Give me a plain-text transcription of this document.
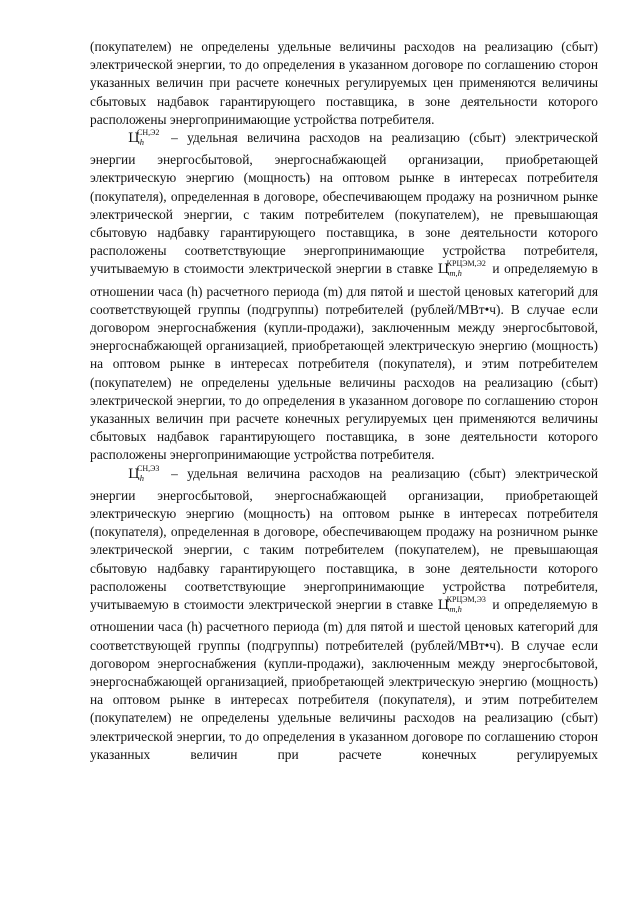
(покупателем) не определены удельные величины расходов на реализацию (сбыт) электрической энергии, то до определения в указанном договоре по соглашению сторон указанных величин при расчете конечных регулируемых цен применяются величины сбытовых надбавок гарантирующего поставщика, в зоне деятельности которого расположены энергопринимающие устройства потребителя.

$Ц_h$
СН,Э2 – удельная величина расходов на реализацию (сбыт) электрической энергии энергосбытовой, энергоснабжающей организации, приобретающей электрическую энергию (мощность) на оптовом рынке в интересах потребителя (покупателя), определенная в договоре, обеспечивающем продажу на розничном рынке электрической энергии, с таким потребителем (покупателем), не превышающая сбытовую надбавку гарантирующего поставщика, в зоне деятельности которого расположены соответствующие энергопринимающие устройства потребителя, учитываемую в стоимости электрической энергии в ставке $Ц_{m,h}$
КРЦЭМ,Э2 и определяемую в отношении часа (h) расчетного периода (m) для пятой и шестой ценовых категорий для соответствующей группы (подгруппы) потребителей (рублей/МВт•ч). В случае если договором энергоснабжения (купли-продажи), заключенным между энергосбытовой, энергоснабжающей организацией, приобретающей электрическую энергию (мощность) на оптовом рынке в интересах потребителя (покупателя), и этим потребителем (покупателем) не определены удельные величины расходов на реализацию (сбыт) электрической энергии, то до определения в указанном договоре по соглашению сторон указанных величин при расчете конечных регулируемых цен применяются величины сбытовых надбавок гарантирующего поставщика, в зоне деятельности которого расположены энергопринимающие устройства потребителя.

$Ц_h$
СН,Э3 – удельная величина расходов на реализацию (сбыт) электрической энергии энергосбытовой, энергоснабжающей организации, приобретающей электрическую энергию (мощность) на оптовом рынке в интересах потребителя (покупателя), определенная в договоре, обеспечивающем продажу на розничном рынке электрической энергии, с таким потребителем (покупателем), не превышающая сбытовую надбавку гарантирующего поставщика, в зоне деятельности которого расположены соответствующие энергопринимающие устройства потребителя, учитываемую в стоимости электрической энергии в ставке $Ц_{m,h}$
КРЦЭМ,Э3 и определяемую в отношении часа (h) расчетного периода (m) для пятой и шестой ценовых категорий для соответствующей группы (подгруппы) потребителей (рублей/МВт•ч). В случае если договором энергоснабжения (купли-продажи), заключенным между энергосбытовой, энергоснабжающей организацией, приобретающей электрическую энергию (мощность) на оптовом рынке в интересах потребителя (покупателя), и этим потребителем (покупателем) не определены удельные величины расходов на реализацию (сбыт) электрической энергии, то до определения в указанном договоре по соглашению сторон указанных величин при расчете конечных регулируемых
